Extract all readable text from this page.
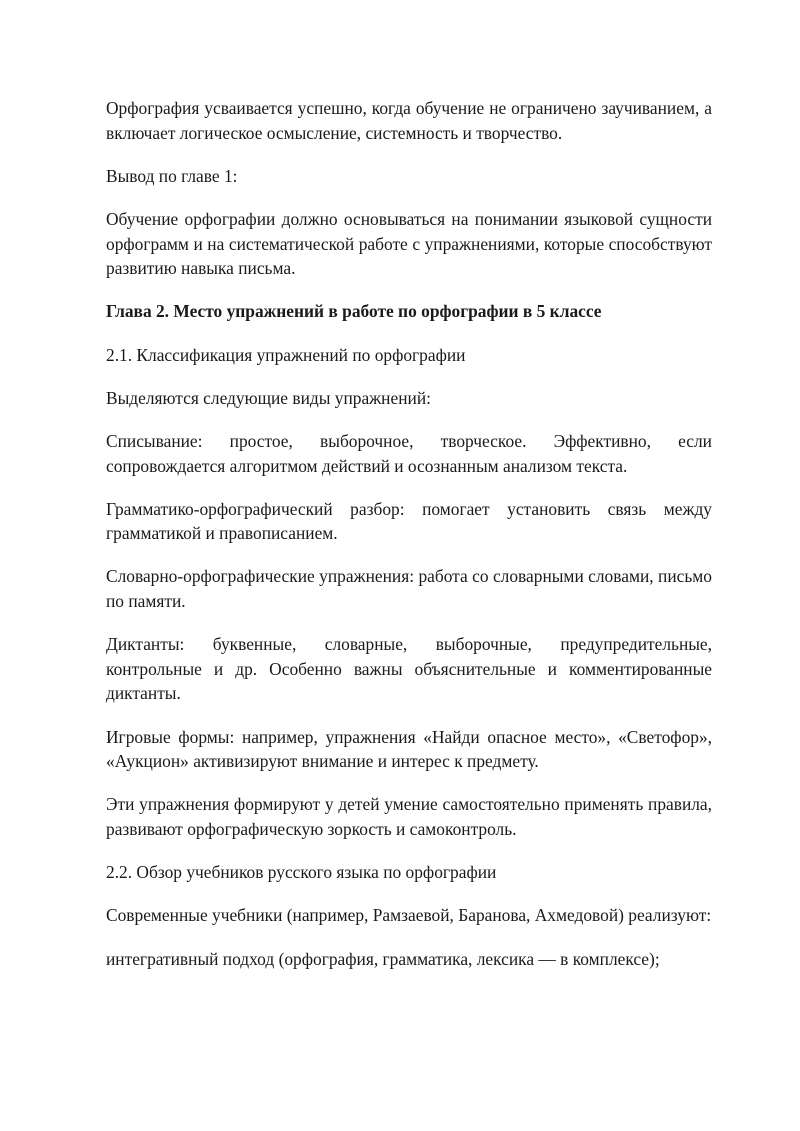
Орфография усваивается успешно, когда обучение не ограничено заучиванием, а включает логическое осмысление, системность и творчество.

Вывод по главе 1:

Обучение орфографии должно основываться на понимании языковой сущности орфограмм и на систематической работе с упражнениями, которые способствуют развитию навыка письма.

Глава 2. Место упражнений в работе по орфографии в 5 классе

2.1. Классификация упражнений по орфографии

Выделяются следующие виды упражнений:

Списывание: простое, выборочное, творческое. Эффективно, если сопровождается алгоритмом действий и осознанным анализом текста.

Грамматико-орфографический разбор: помогает установить связь между грамматикой и правописанием.

Словарно-орфографические упражнения: работа со словарными словами, письмо по памяти.

Диктанты: буквенные, словарные, выборочные, предупредительные, контрольные и др. Особенно важны объяснительные и комментированные диктанты.

Игровые формы: например, упражнения «Найди опасное место», «Светофор», «Аукцион» активизируют внимание и интерес к предмету.

Эти упражнения формируют у детей умение самостоятельно применять правила, развивают орфографическую зоркость и самоконтроль.

2.2. Обзор учебников русского языка по орфографии

Современные учебники (например, Рамзаевой, Баранова, Ахмедовой) реализуют:

интегративный подход (орфография, грамматика, лексика — в комплексе);
